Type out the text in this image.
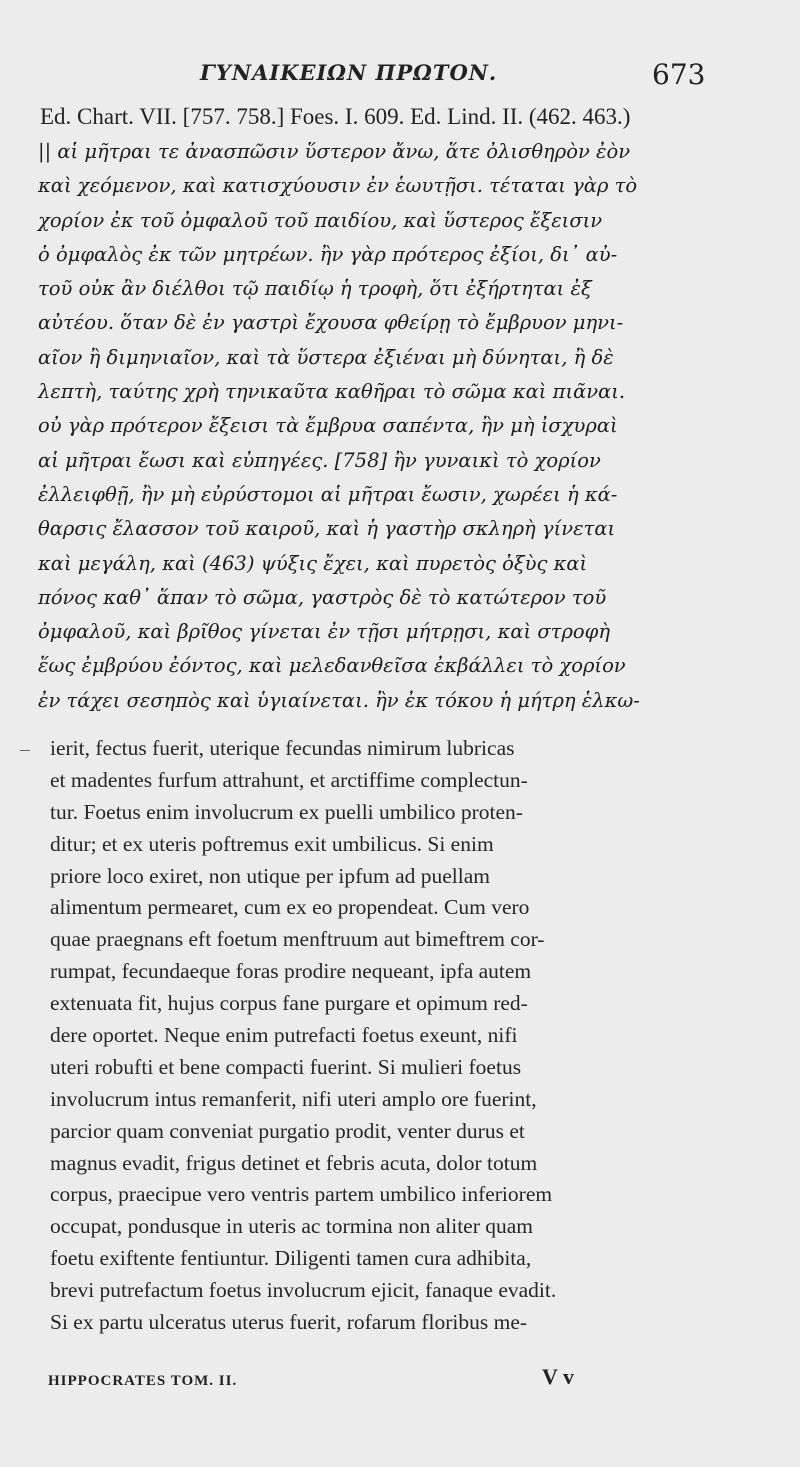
ΓΥΝΑΙΚΕΙΩΝ ΠΡΩΤΟΝ.	673
Ed. Chart. VII. [757. 758.] Foes. I. 609. Ed. Lind. II. (462. 463.)
|| αἱ μῆτραι τε ἀνασπῶσιν ὕστερον ἄνω, ἅτε ὀλισθηρὸν ἐὸν
καὶ χεόμενον, καὶ κατισχύουσιν ἐν ἑωυτῇσι. τέταται γὰρ τὸ
χορίον ἐκ τοῦ ὀμφαλοῦ τοῦ παιδίου, καὶ ὕστερος ἔξεισιν
ὁ ὀμφαλὸς ἐκ τῶν μητρέων. ἢν γὰρ πρότερος ἐξίοι, δι᾽ αὐ-
τοῦ οὐκ ἂν διέλθοι τῷ παιδίῳ ἡ τροφὴ, ὅτι ἐξήρτηται ἐξ
αὐτέου. ὅταν δὲ ἐν γαστρὶ ἔχουσα φθείρῃ τὸ ἔμβρυον μηνι-
αῖον ἢ διμηνιαῖον, καὶ τὰ ὕστερα ἐξιέναι μὴ δύνηται, ἢ δὲ
λεπτὴ, ταύτης χρὴ τηνικαῦτα καθῆραι τὸ σῶμα καὶ πιᾶναι.
οὐ γὰρ πρότερον ἔξεισι τὰ ἔμβρυα σαπέντα, ἢν μὴ ἰσχυραὶ
αἱ μῆτραι ἔωσι καὶ εὐπηγέες. [758] ἢν γυναικὶ τὸ χορίον
ἐλλειφθῇ, ἢν μὴ εὐρύστομοι αἱ μῆτραι ἔωσιν, χωρέει ἡ κά-
θαρσις ἔλασσον τοῦ καιροῦ, καὶ ἡ γαστὴρ σκληρὴ γίνεται
καὶ μεγάλη, καὶ (463) ψύξις ἔχει, καὶ πυρετὸς ὀξὺς καὶ
πόνος καθ᾽ ἅπαν τὸ σῶμα, γαστρὸς δὲ τὸ κατώτερον τοῦ
ὀμφαλοῦ, καὶ βρῖθος γίνεται ἐν τῇσι μήτρῃσι, καὶ στροφὴ
ἕως ἐμβρύου ἐόντος, καὶ μελεδανθεῖσα ἐκβάλλει τὸ χορίον
ἐν τάχει σεσηπὸς καὶ ὑγιαίνεται. ἢν ἐκ τόκου ἡ μήτρη ἑλκω-
ierit, fectus fuerit, uterique fecundas nimirum lubricas
et madentes furfum attrahunt, et arctiffime complectun-
tur. Foetus enim involucrum ex puelli umbilico proten-
ditur; et ex uteris poftremus exit umbilicus. Si enim
priore loco exiret, non utique per ipfum ad puellam
alimentum permearet, cum ex eo propendeat. Cum vero
quae praegnans eft foetum menftruum aut bimeftrem cor-
rumpat, fecundaeque foras prodire nequeant, ipfa autem
extenuata fit, hujus corpus fane purgare et opimum red-
dere oportet. Neque enim putrefacti foetus exeunt, nifi
uteri robufti et bene compacti fuerint. Si mulieri foetus
involucrum intus remanferit, nifi uteri amplo ore fuerint,
parcior quam conveniat purgatio prodit, venter durus et
magnus evadit, frigus detinet et febris acuta, dolor totum
corpus, praecipue vero ventris partem umbilico inferiorem
occupat, pondusque in uteris ac tormina non aliter quam
foetu exiftente fentiuntur. Diligenti tamen cura adhibita,
brevi putrefactum foetus involucrum ejicit, fanaque evadit.
Si ex partu ulceratus uterus fuerit, rofarum floribus me-
HIPPOCRATES TOM. II.	V v
